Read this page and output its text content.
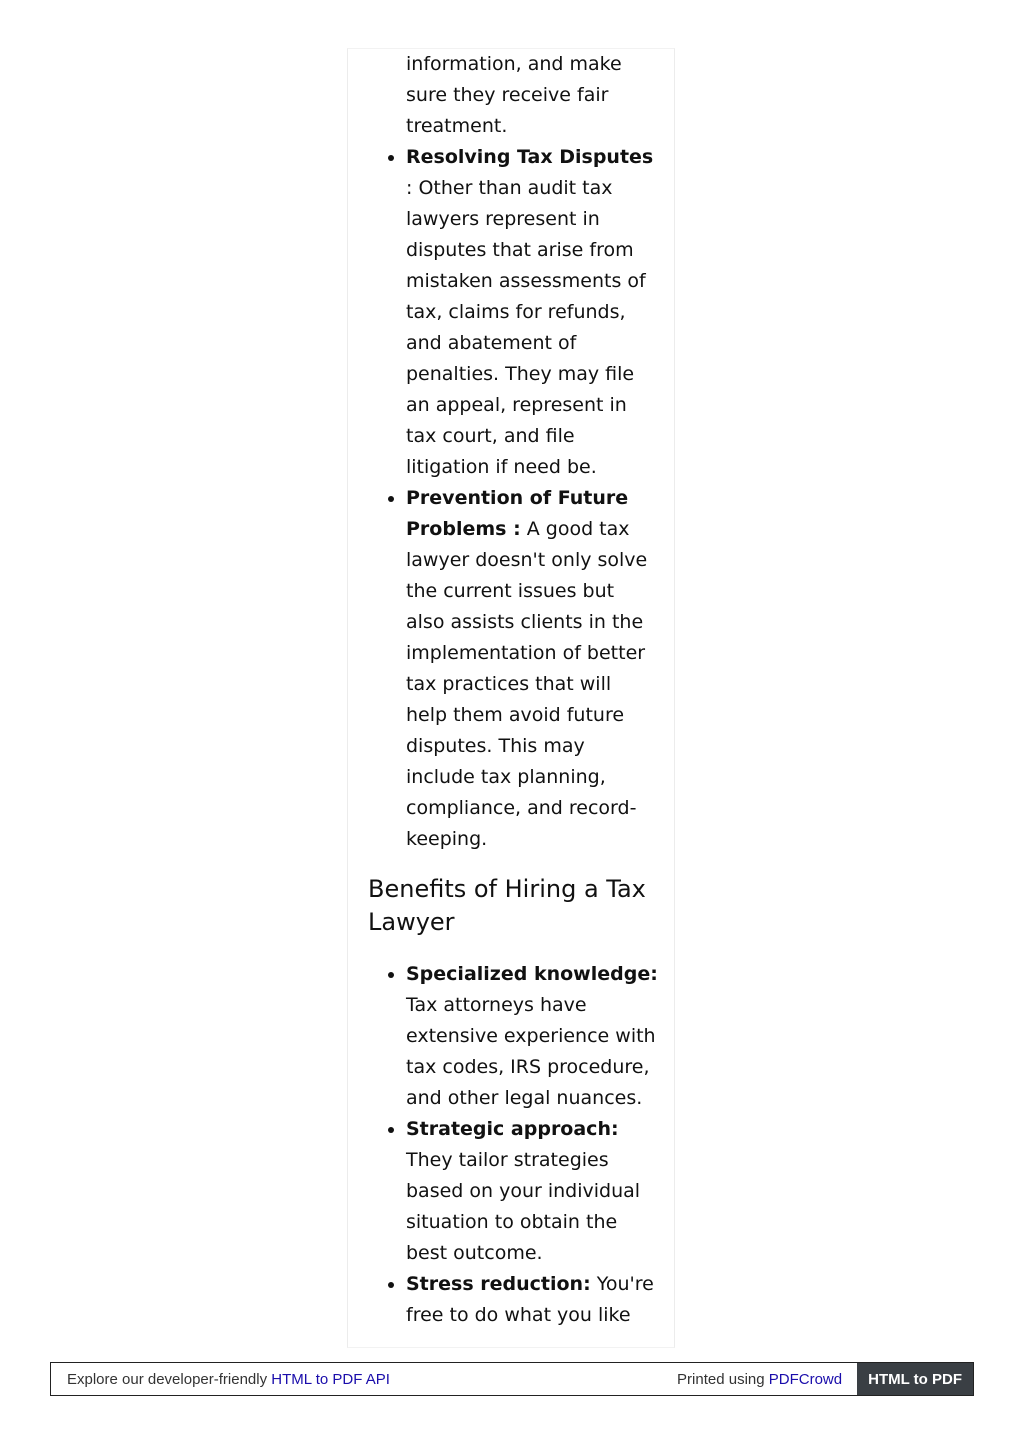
information, and make sure they receive fair treatment.
• Resolving Tax Disputes : Other than audit tax lawyers represent in disputes that arise from mistaken assessments of tax, claims for refunds, and abatement of penalties. They may file an appeal, represent in tax court, and file litigation if need be.
• Prevention of Future Problems : A good tax lawyer doesn't only solve the current issues but also assists clients in the implementation of better tax practices that will help them avoid future disputes. This may include tax planning, compliance, and record-keeping.
Benefits of Hiring a Tax Lawyer
• Specialized knowledge: Tax attorneys have extensive experience with tax codes, IRS procedure, and other legal nuances.
• Strategic approach: They tailor strategies based on your individual situation to obtain the best outcome.
• Stress reduction: You're free to do what you like
Explore our developer-friendly HTML to PDF API	Printed using PDFCrowd	HTML to PDF
